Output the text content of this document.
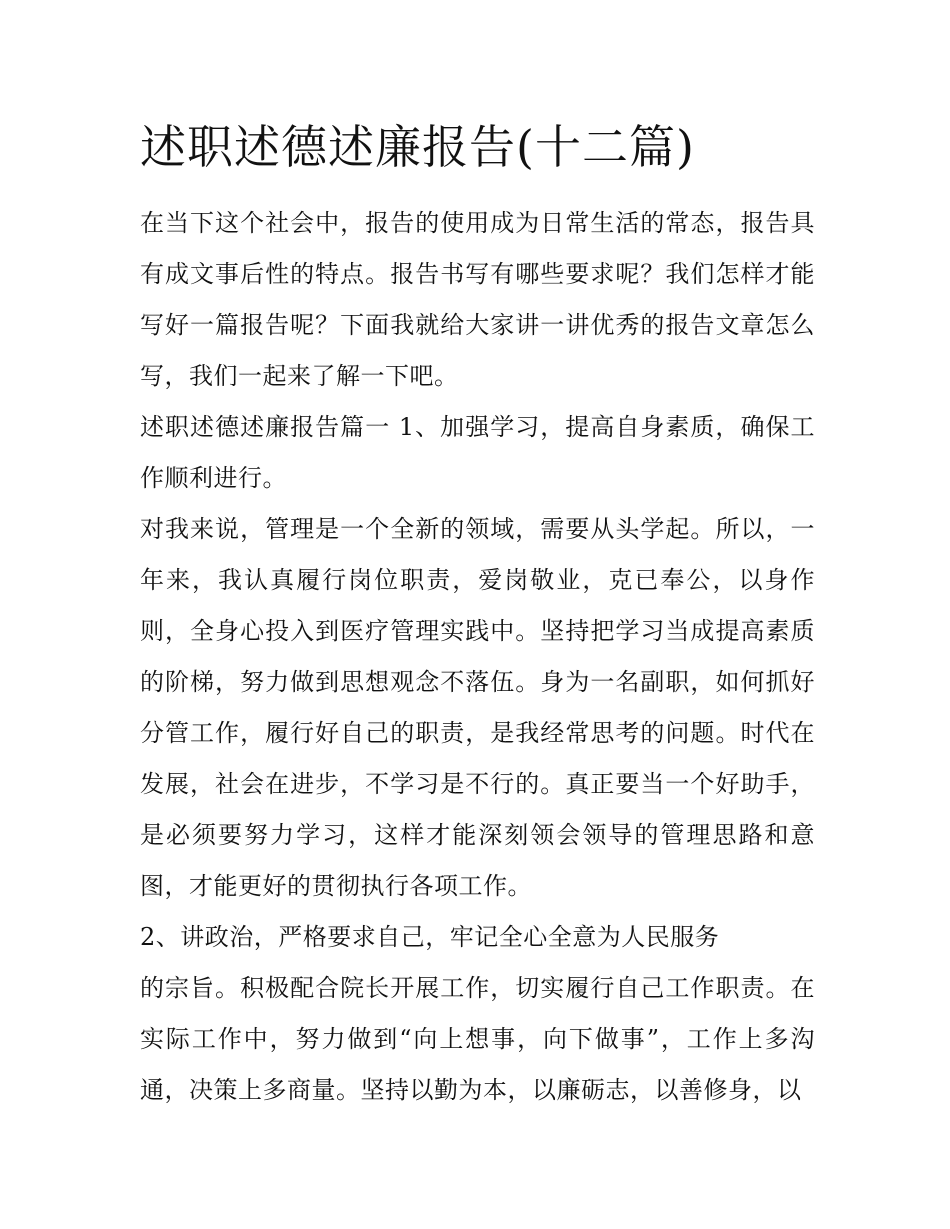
述职述德述廉报告(十二篇)

在当下这个社会中，报告的使用成为日常生活的常态，报告具有成文事后性的特点。报告书写有哪些要求呢？我们怎样才能写好一篇报告呢？下面我就给大家讲一讲优秀的报告文章怎么写，我们一起来了解一下吧。

述职述德述廉报告篇一 1、加强学习，提高自身素质，确保工作顺利进行。

对我来说，管理是一个全新的领域，需要从头学起。所以，一年来，我认真履行岗位职责，爱岗敬业，克已奉公，以身作则，全身心投入到医疗管理实践中。坚持把学习当成提高素质的阶梯，努力做到思想观念不落伍。身为一名副职，如何抓好分管工作，履行好自己的职责，是我经常思考的问题。时代在发展，社会在进步，不学习是不行的。真正要当一个好助手，是必须要努力学习，这样才能深刻领会领导的管理思路和意图，才能更好的贯彻执行各项工作。

2、讲政治，严格要求自己，牢记全心全意为人民服务

的宗旨。积极配合院长开展工作，切实履行自己工作职责。在实际工作中，努力做到“向上想事，向下做事”，工作上多沟通，决策上多商量。坚持以勤为本，以廉砺志，以善修身，以
